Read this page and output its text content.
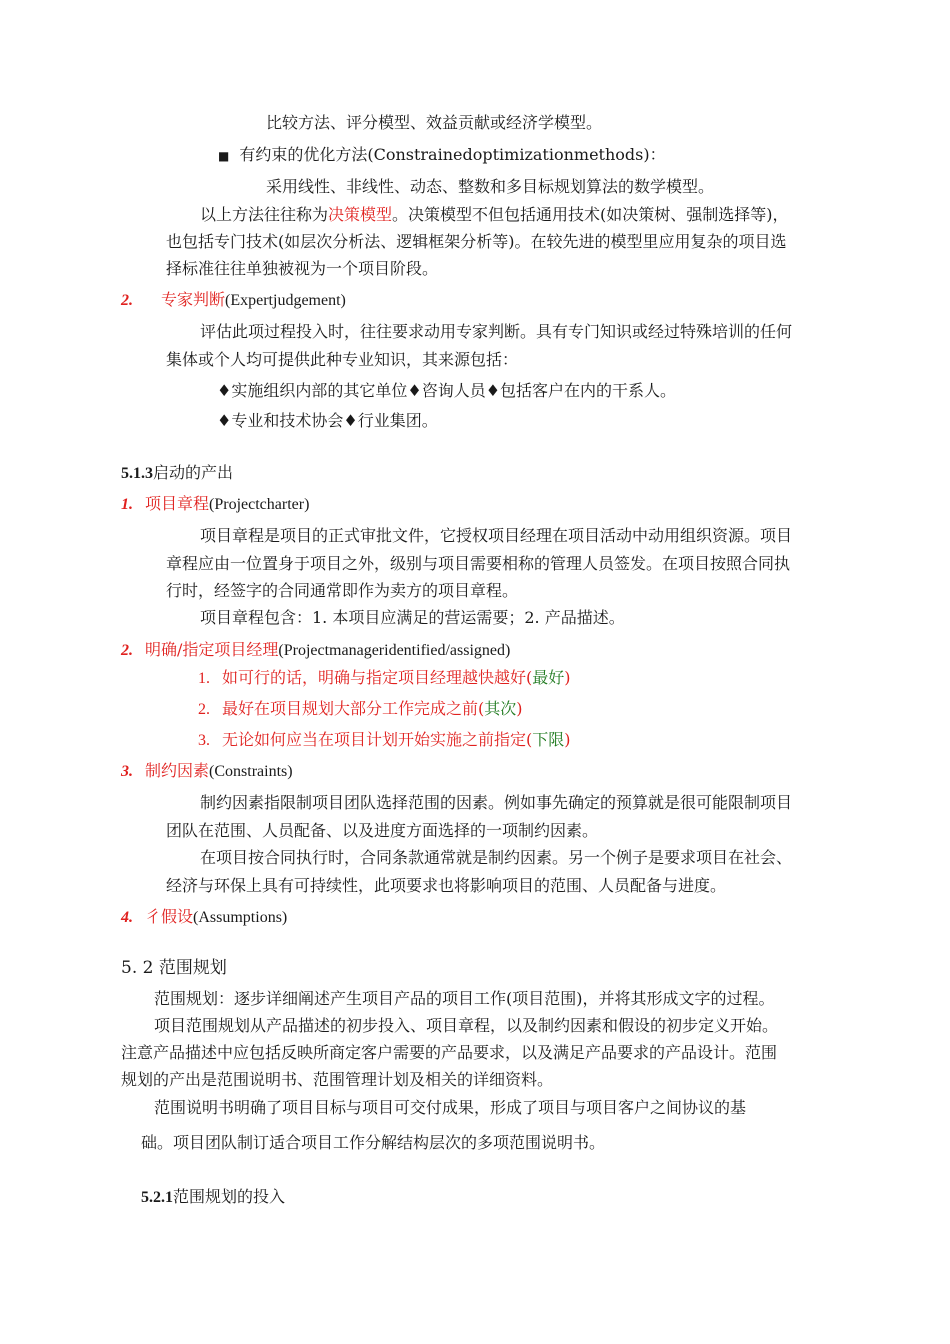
比较方法、评分模型、效益贡献或经济学模型。
■ 有约束的优化方法(Constrainedoptimizationmethods)：
采用线性、非线性、动态、整数和多目标规划算法的数学模型。
以上方法往往称为决策模型。决策模型不但包括通用技术(如决策树、强制选择等)，
也包括专门技术(如层次分析法、逻辑框架分析等)。在较先进的模型里应用复杂的项目选
择标准往往单独被视为一个项目阶段。
2. 专家判断(Expertjudgement)
评估此项过程投入时，往往要求动用专家判断。具有专门知识或经过特殊培训的任何
集体或个人均可提供此种专业知识，其来源包括：
♦实施组织内部的其它单位♦咨询人员♦包括客户在内的干系人。
♦专业和技术协会♦行业集团。
5.1.3启动的产出
1. 项目章程(Projectcharter)
项目章程是项目的正式审批文件，它授权项目经理在项目活动中动用组织资源。项目
章程应由一位置身于项目之外，级别与项目需要相称的管理人员签发。在项目按照合同执
行时，经签字的合同通常即作为卖方的项目章程。
项目章程包含：1. 本项目应满足的营运需要；2. 产品描述。
2. 明确/指定项目经理(Projectmanageridentified/assigned)
1. 如可行的话，明确与指定项目经理越快越好(最好)
2. 最好在项目规划大部分工作完成之前(其次)
3. 无论如何应当在项目计划开始实施之前指定(下限)
3. 制约因素(Constraints)
制约因素指限制项目团队选择范围的因素。例如事先确定的预算就是很可能限制项目
团队在范围、人员配备、以及进度方面选择的一项制约因素。
在项目按合同执行时，合同条款通常就是制约因素。另一个例子是要求项目在社会、
经济与环保上具有可持续性，此项要求也将影响项目的范围、人员配备与进度。
4. 彳假设(Assumptions)
5. 2 范围规划
范围规划：逐步详细阐述产生项目产品的项目工作(项目范围)，并将其形成文字的过程。
项目范围规划从产品描述的初步投入、项目章程，以及制约因素和假设的初步定义开始。
注意产品描述中应包括反映所商定客户需要的产品要求，以及满足产品要求的产品设计。范围
规划的产出是范围说明书、范围管理计划及相关的详细资料。
范围说明书明确了项目目标与项目可交付成果，形成了项目与项目客户之间协议的基
础。项目团队制订适合项目工作分解结构层次的多项范围说明书。
5.2.1范围规划的投入
